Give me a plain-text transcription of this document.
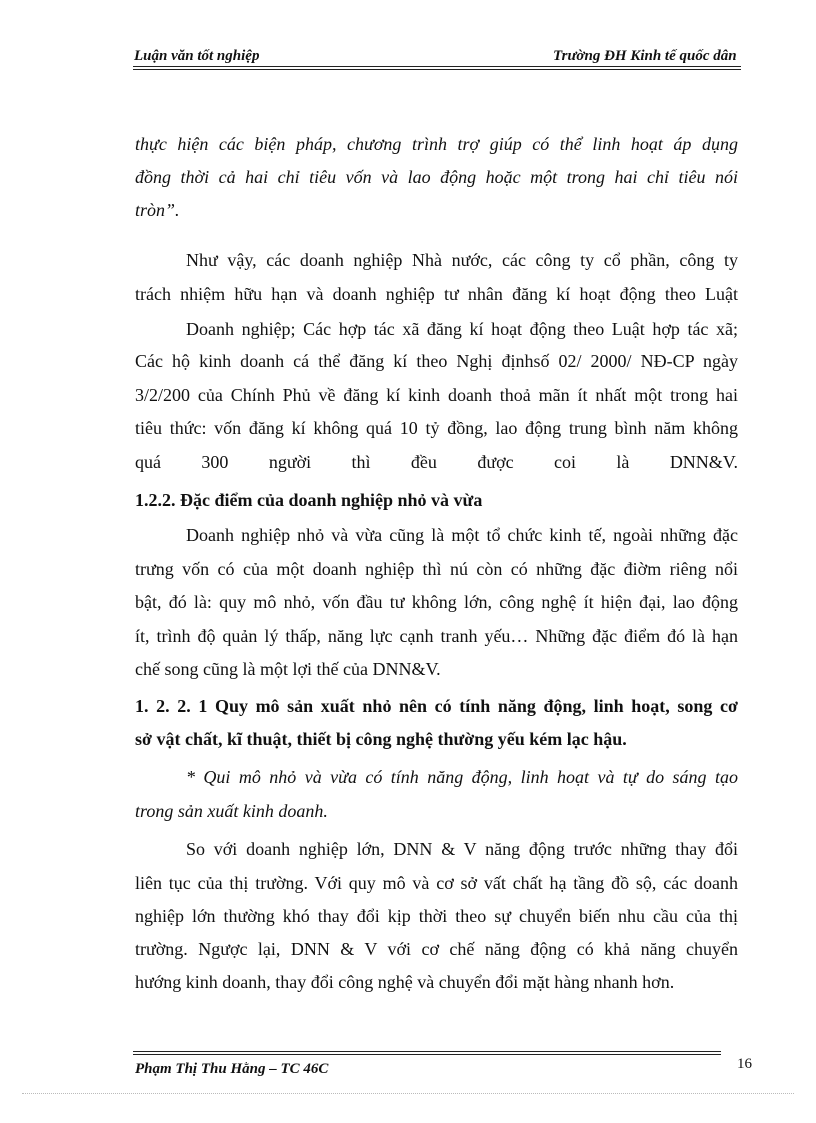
Luận văn tốt nghiệp	Trường ĐH Kinh tế quốc dân
thực hiện các biện pháp, chương trình trợ giúp có thể linh hoạt áp dụng
đồng thời cả hai chỉ tiêu vốn và lao động hoặc một trong hai chỉ tiêu nói
tròn”.
Như vậy, các doanh nghiệp Nhà nước, các công ty cổ phần, công ty
trách nhiệm hữu hạn và doanh nghiệp tư nhân đăng kí hoạt động theo Luật
Doanh nghiệp; Các hợp tác xã đăng kí hoạt động theo Luật hợp tác xã;
Các hộ kinh doanh cá thể đăng kí theo Nghị địnhsố 02/ 2000/ NĐ-CP ngày
3/2/200 của Chính Phủ về đăng kí kinh doanh thoả mãn ít nhất một trong hai
tiêu thức: vốn đăng kí không quá 10 tỷ đồng, lao động trung bình năm không
quá 300 người thì đều được coi là DNN&V.
1.2.2. Đặc điểm của doanh nghiệp nhỏ và vừa
Doanh nghiệp nhỏ và vừa cũng là một tổ chức kinh tế, ngoài những đặc
trưng vốn có của một doanh nghiệp thì nú còn có những đặc điờm riêng nổi
bật, đó là: quy mô nhỏ, vốn đầu tư không lớn, công nghệ ít hiện đại, lao động
ít, trình độ quản lý thấp, năng lực cạnh tranh yếu… Những đặc điểm đó là hạn
chế song cũng là một lợi thế của DNN&V.
1. 2. 2. 1 Quy mô sản xuất nhỏ nên có tính năng động, linh hoạt, song cơ
sở vật chất, kĩ thuật, thiết bị công nghệ thường yếu kém lạc hậu.
* Qui mô nhỏ và vừa có tính năng động, linh hoạt và tự do sáng tạo
trong sản xuất kinh doanh.
So với doanh nghiệp lớn, DNN & V năng động trước những thay đổi
liên tục của thị trường. Với quy mô và cơ sở vất chất hạ tầng đồ sộ, các doanh
nghiệp lớn thường khó thay đổi kịp thời theo sự chuyển biến nhu cầu của thị
trường. Ngược lại, DNN & V với cơ chế năng động có khả năng chuyển
hướng kinh doanh, thay đổi công nghệ và chuyển đổi mặt hàng nhanh hơn.
Phạm Thị Thu Hằng – TC 46C	16
